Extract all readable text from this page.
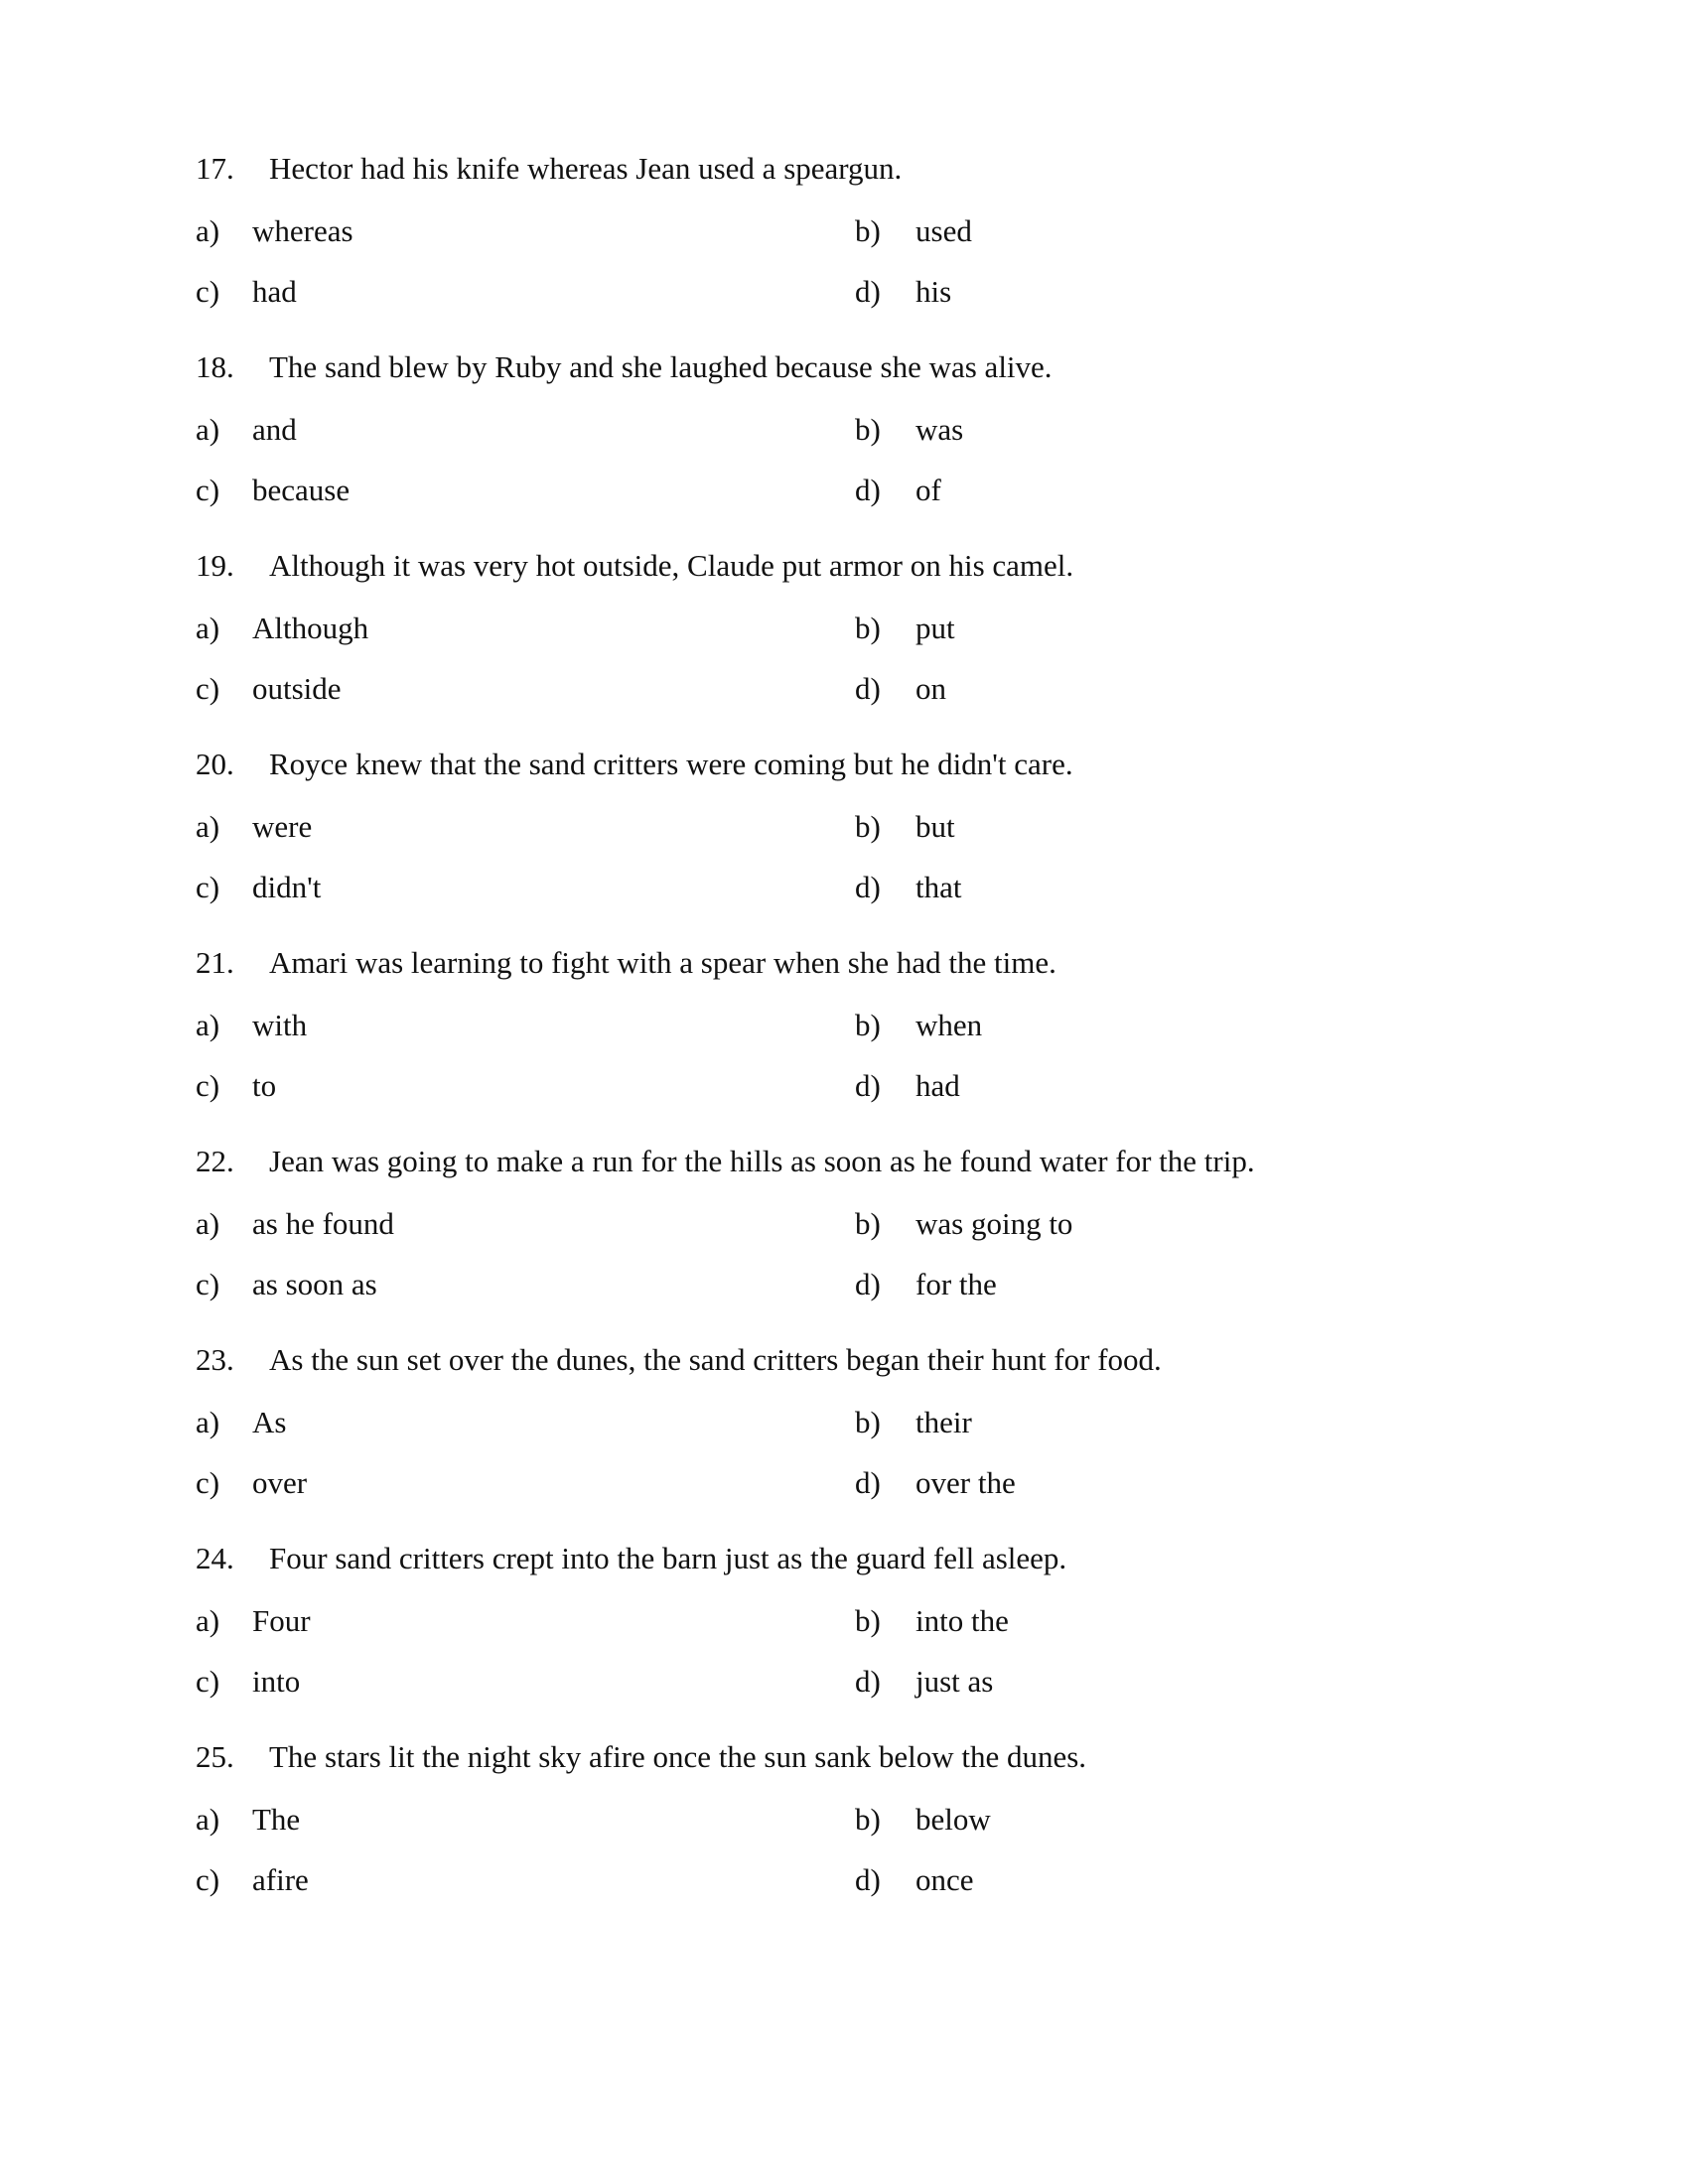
17. Hector had his knife whereas Jean used a speargun.
a) whereas	b) used
c) had	d) his
18. The sand blew by Ruby and she laughed because she was alive.
a) and	b) was
c) because	d) of
19. Although it was very hot outside, Claude put armor on his camel.
a) Although	b) put
c) outside	d) on
20. Royce knew that the sand critters were coming but he didn't care.
a) were	b) but
c) didn't	d) that
21. Amari was learning to fight with a spear when she had the time.
a) with	b) when
c) to	d) had
22. Jean was going to make a run for the hills as soon as he found water for the trip.
a) as he found	b) was going to
c) as soon as	d) for the
23. As the sun set over the dunes, the sand critters began their hunt for food.
a) As	b) their
c) over	d) over the
24. Four sand critters crept into the barn just as the guard fell asleep.
a) Four	b) into the
c) into	d) just as
25. The stars lit the night sky afire once the sun sank below the dunes.
a) The	b) below
c) afire	d) once
